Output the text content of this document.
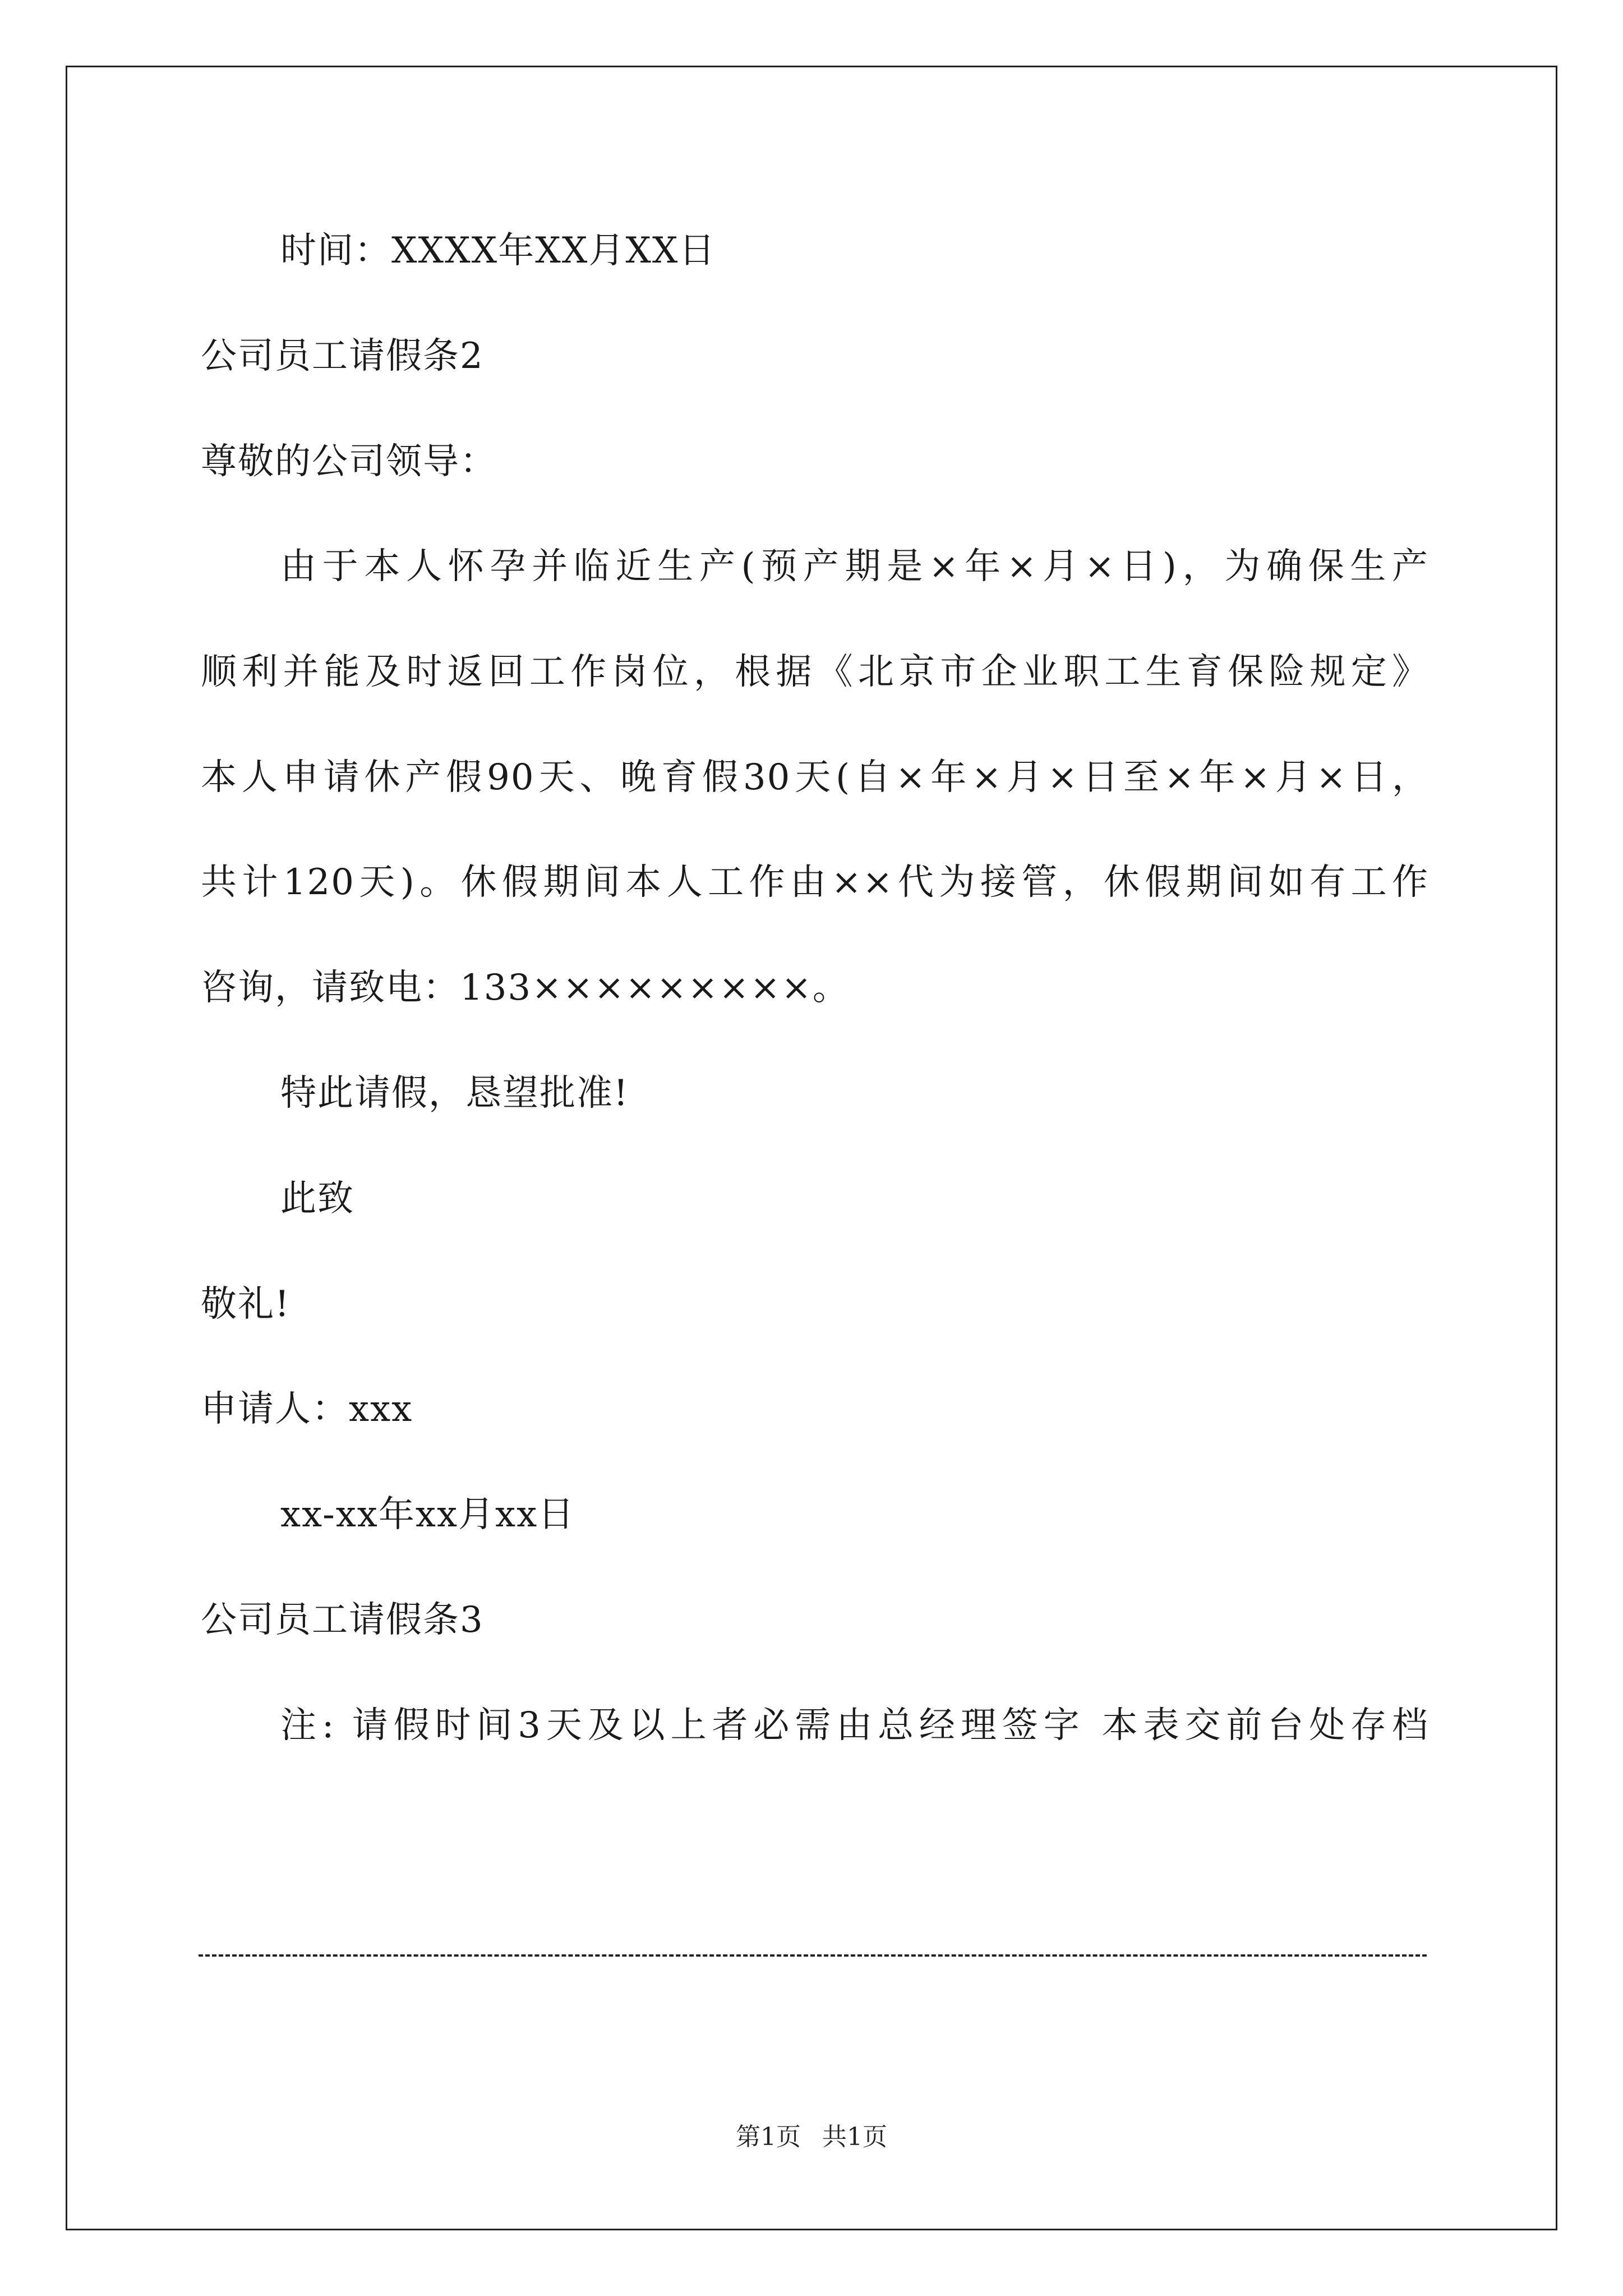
时间：XXXX年XX月XX日
公司员工请假条2
尊敬的公司领导：
由于本人怀孕并临近生产(预产期是×年×月×日)，为确保生产
顺利并能及时返回工作岗位，根据《北京市企业职工生育保险规定》
本人申请休产假90天、晚育假30天(自×年×月×日至×年×月×日，
共计120天)。休假期间本人工作由××代为接管，休假期间如有工作
咨询，请致电：133×××××××××。
特此请假，恳望批准!
此致
敬礼!
申请人：xxx
xx-xx年xx月xx日
公司员工请假条3
注: 请假时间3天及以上者必需由总经理签字 本表交前台处存档
第1页 共1页
